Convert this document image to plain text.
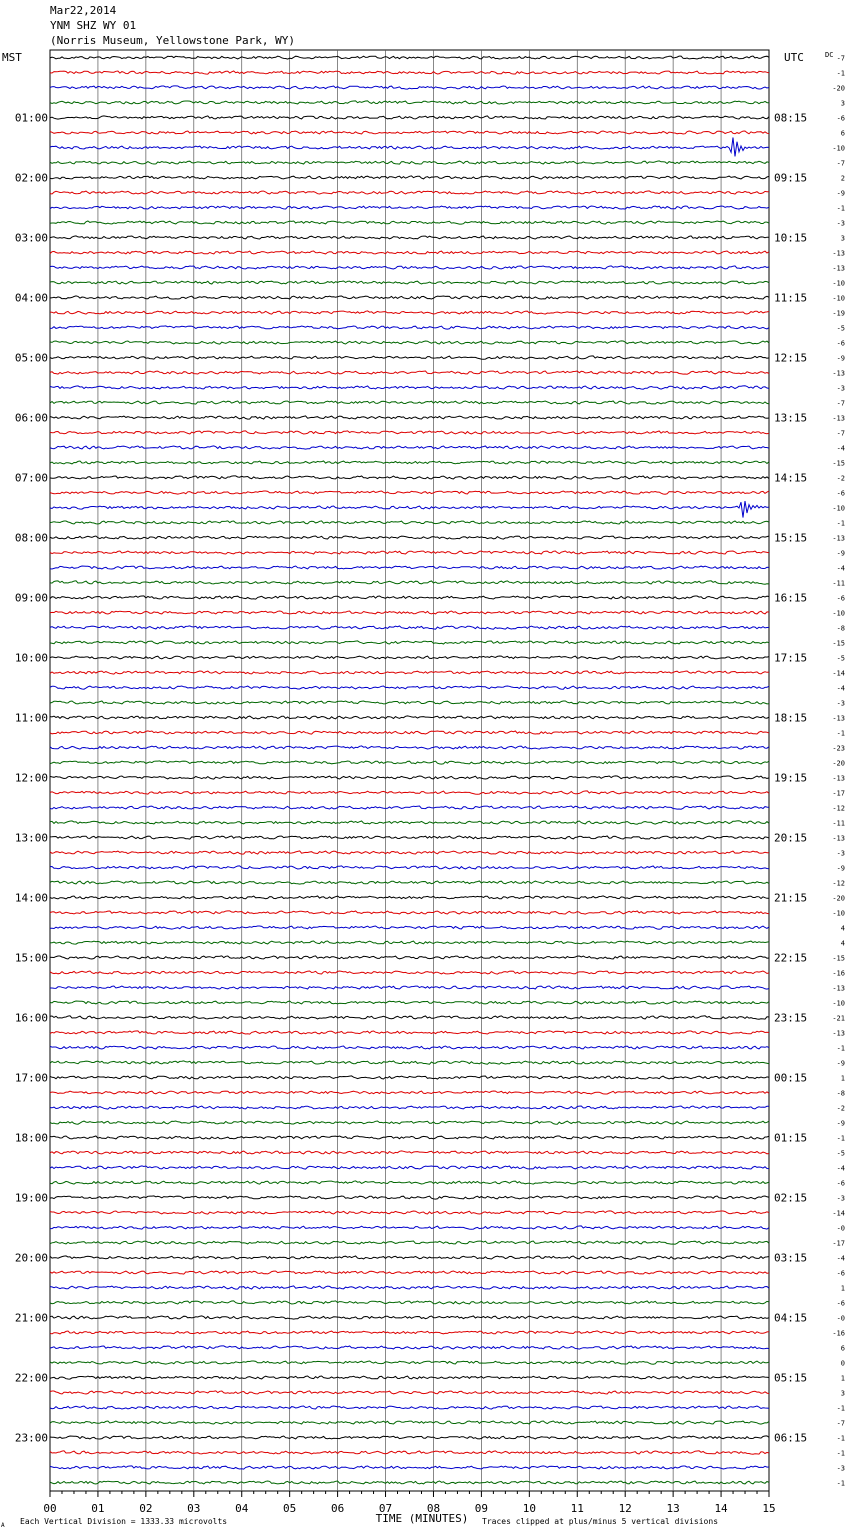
Mar22,2014
YNM SHZ WY 01
(Norris Museum, Yellowstone Park, WY)
MST	UTC	DC
01:00
02:00
03:00
04:00
05:00
06:00
07:00
08:00
09:00
10:00
11:00
12:00
13:00
14:00
15:00
16:00
17:00
18:00
19:00
20:00
21:00
22:00
23:00
08:15
09:15
10:15
11:15
12:15
13:15
14:15
15:15
16:15
17:15
18:15
19:15
20:15
21:15
22:15
23:15
00:15
01:15
02:15
03:15
04:15
05:15
06:15
-7
-1
-20
3
-6
6
-10
-7
2
-9
-1
-3
3
-13
-13
-10
-10
-19
-5
-6
-9
-13
-3
-7
-13
-7
-4
-15
-2
-6
-10
-1
-13
-9
-4
-11
-6
-10
-8
-15
-5
-14
-4
-3
-13
-1
-23
-20
-13
-17
-12
-11
-13
-3
-9
-12
-20
-10
4
4
-15
-16
-13
-10
-21
-13
-1
-9
1
-8
-2
-9
-1
-5
-4
-6
-3
-14
-0
-17
-4
-6
1
-6
-0
-16
6
0
1
3
-1
-7
-1
-1
-3
-1
00	01	02	03	04	05	06	07	08	09	10	11	12	13	14	15
TIME (MINUTES)
Each Vertical Division = 1333.33 microvolts	Traces clipped at plus/minus 5 vertical divisions
A
